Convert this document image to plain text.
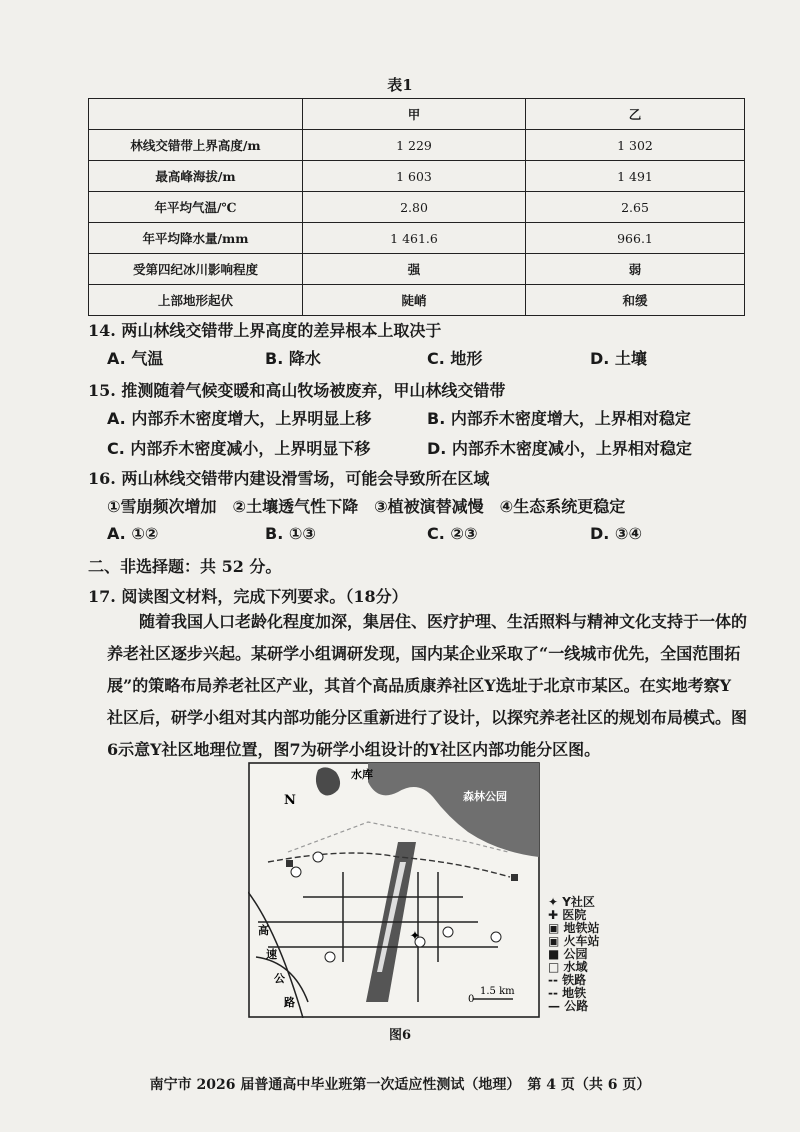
表1
	甲	乙
林线交错带上界高度/m	1 229	1 302
最高峰海拔/m	1 603	1 491
年平均气温/℃	2.80	2.65
年平均降水量/mm	1 461.6	966.1
受第四纪冰川影响程度	强	弱
上部地形起伏	陡峭	和缓
14. 两山林线交错带上界高度的差异根本上取决于
A. 气温	B. 降水	C. 地形	D. 土壤
15. 推测随着气候变暖和高山牧场被废弃，甲山林线交错带
A. 内部乔木密度增大，上界明显上移	B. 内部乔木密度增大，上界相对稳定
C. 内部乔木密度减小，上界明显下移	D. 内部乔木密度减小，上界相对稳定
16. 两山林线交错带内建设滑雪场，可能会导致所在区域
①雪崩频次增加　②土壤透气性下降　③植被演替减慢　④生态系统更稳定
A. ①②	B. ①③	C. ②③	D. ③④
二、非选择题：共 52 分。
17. 阅读图文材料，完成下列要求。（18分）
随着我国人口老龄化程度加深，集居住、医疗护理、生活照料与精神文化支持于一体的养老社区逐步兴起。某研学小组调研发现，国内某企业采取了“一线城市优先，全国范围拓展”的策略布局养老社区产业，其首个高品质康养社区Y选址于北京市某区。在实地考察Y社区后，研学小组对其内部功能分区重新进行了设计，以探究养老社区的规划布局模式。图6示意Y社区地理位置，图7为研学小组设计的Y社区内部功能分区图。
✦
N
水库
森林公园
高
速
公
路	0
1.5 km
✦ Y社区
✚ 医院
▣ 地铁站
▣ 火车站
■ 公园
□ 水域
‑‑ 铁路
‑‑ 地铁
— 公路
图6
南宁市 2026 届普通高中毕业班第一次适应性测试（地理）　第 4 页（共 6 页）
